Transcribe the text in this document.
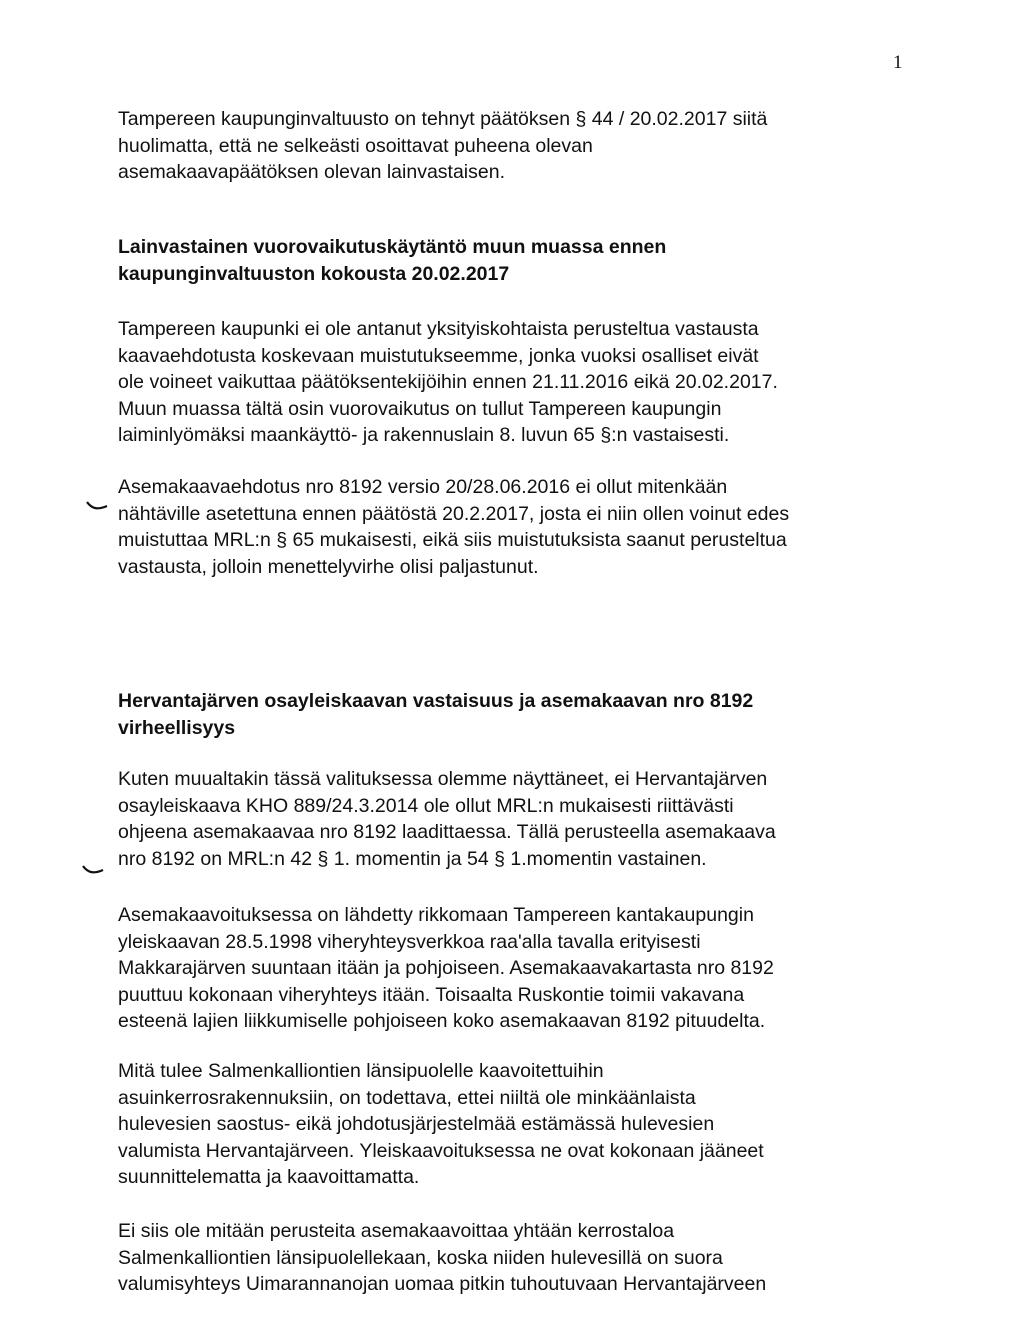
1

Tampereen kaupunginvaltuusto on tehnyt päätöksen § 44 / 20.02.2017 siitä
huolimatta, että ne selkeästi osoittavat puheena olevan
asemakaavapäätöksen olevan lainvastaisen.

Lainvastainen vuorovaikutuskäytäntö muun muassa ennen
kaupunginvaltuuston kokousta 20.02.2017

Tampereen kaupunki ei ole antanut yksityiskohtaista perusteltua vastausta
kaavaehdotusta koskevaan muistutukseemme, jonka vuoksi osalliset eivät
ole voineet vaikuttaa päätöksentekijöihin ennen 21.11.2016 eikä 20.02.2017.
Muun muassa tältä osin vuorovaikutus on tullut Tampereen kaupungin
laiminlyömäksi maankäyttö- ja rakennuslain 8. luvun 65 §:n vastaisesti.

Asemakaavaehdotus nro 8192 versio 20/28.06.2016 ei ollut mitenkään
nähtäville asetettuna ennen päätöstä 20.2.2017, josta ei niin ollen voinut edes
muistuttaa MRL:n § 65 mukaisesti, eikä siis muistutuksista saanut perusteltua
vastausta, jolloin menettelyvirhe olisi paljastunut.

Hervantajärven osayleiskaavan vastaisuus ja asemakaavan nro 8192
virheellisyys

Kuten muualtakin tässä valituksessa olemme näyttäneet, ei Hervantajärven
osayleiskaava KHO 889/24.3.2014 ole ollut MRL:n mukaisesti riittävästi
ohjeena asemakaavaa nro 8192 laadittaessa. Tällä perusteella asemakaava
nro 8192 on MRL:n 42 § 1. momentin ja 54 § 1.momentin vastainen.

Asemakaavoituksessa on lähdetty rikkomaan Tampereen kantakaupungin
yleiskaavan 28.5.1998 viheryhteysverkkoa raa'alla tavalla erityisesti
Makkarajärven suuntaan itään ja pohjoiseen. Asemakaavakartasta nro 8192
puuttuu kokonaan viheryhteys itään. Toisaalta Ruskontie toimii vakavana
esteenä lajien liikkumiselle pohjoiseen koko asemakaavan 8192 pituudelta.

Mitä tulee Salmenkalliontien länsipuolelle kaavoitettuihin
asuinkerrosrakennuksiin, on todettava, ettei niiltä ole minkäänlaista
hulevesien saostus- eikä johdotusjärjestelmää estämässä hulevesien
valumista Hervantajärveen. Yleiskaavoituksessa ne ovat kokonaan jääneet
suunnittelematta ja kaavoittamatta.

Ei siis ole mitään perusteita asemakaavoittaa yhtään kerrostaloa
Salmenkalliontien länsipuolellekaan, koska niiden hulevesillä on suora
valumisyhteys Uimarannanojan uomaa pitkin tuhoutuvaan Hervantajärveen
